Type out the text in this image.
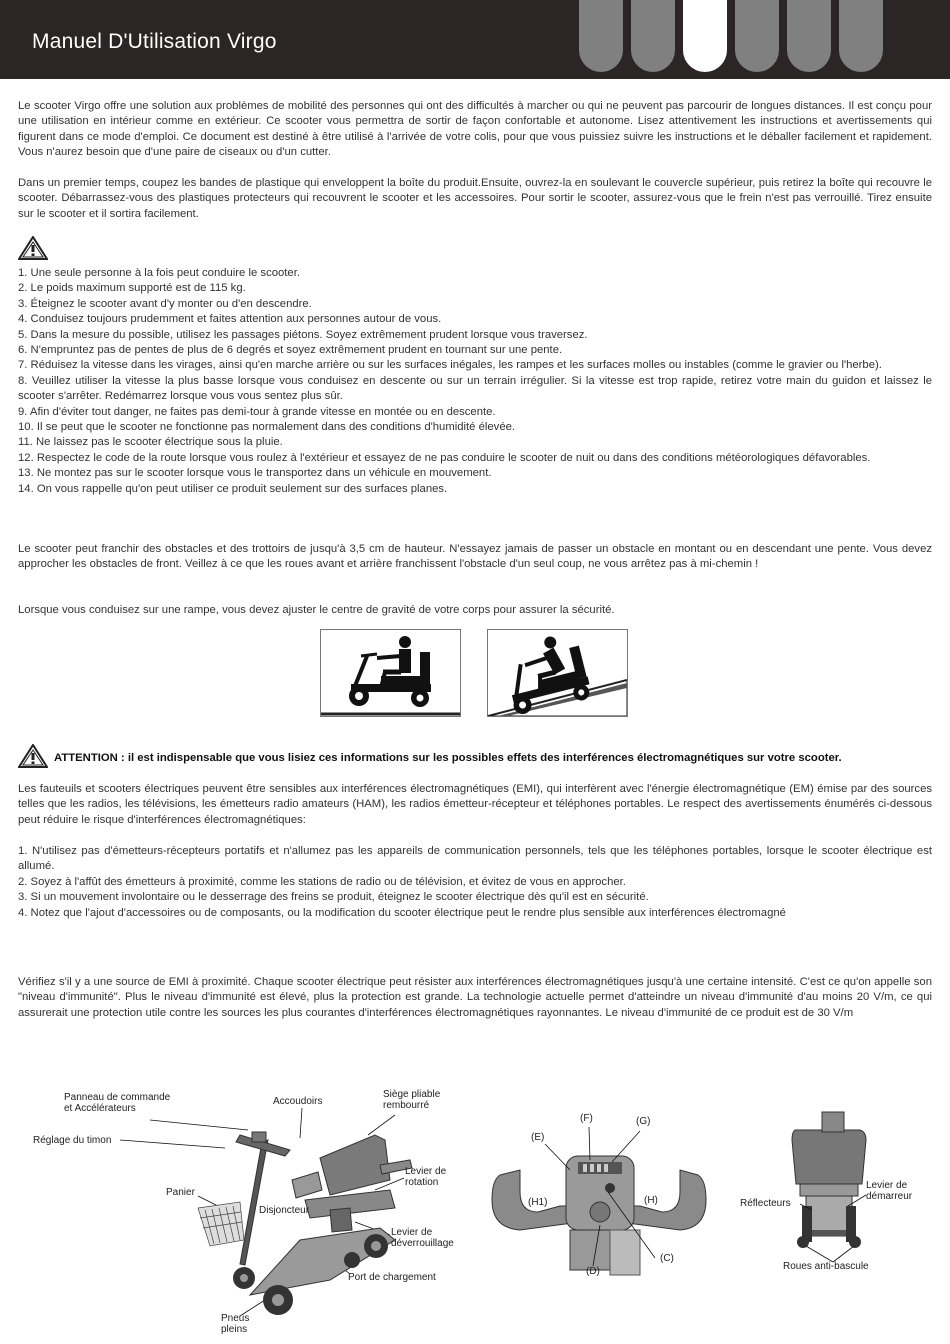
Manuel D'Utilisation Virgo
Le scooter Virgo offre une solution aux problèmes de mobilité des personnes qui ont des difficultés à marcher ou qui ne peuvent pas parcourir de longues distances. Il est conçu pour une utilisation en intérieur comme en extérieur. Ce scooter vous permettra de sortir de façon confortable et autonome. Lisez attentivement les instructions et avertissements qui figurent dans ce mode d'emploi. Ce document est destiné à être utilisé à l'arrivée de votre colis, pour que vous puissiez suivre les instructions et le déballer facilement et rapidement. Vous n'aurez besoin que d'une paire de ciseaux ou d'un cutter.
Dans un premier temps, coupez les bandes de plastique qui enveloppent la boîte du produit.Ensuite, ouvrez-la en soulevant le couvercle supérieur, puis retirez la boîte qui recouvre le scooter. Débarrassez-vous des plastiques protecteurs qui recouvrent le scooter et les accessoires. Pour sortir le scooter, assurez-vous que le frein n'est pas verrouillé. Tirez ensuite sur le scooter et il sortira facilement.
1. Une seule personne à la fois peut conduire le scooter.
2. Le poids maximum supporté est de 115 kg.
3. Éteignez le scooter avant d'y monter ou d'en descendre.
4. Conduisez toujours prudemment et faites attention aux personnes autour de vous.
5. Dans la mesure du possible, utilisez les passages piétons. Soyez extrêmement prudent lorsque vous traversez.
6. N'empruntez pas de pentes de plus de 6 degrés et soyez extrêmement prudent en tournant sur une pente.
7. Réduisez la vitesse dans les virages, ainsi qu'en marche arrière ou sur les surfaces inégales, les rampes et les surfaces molles ou instables (comme le gravier ou l'herbe).
8. Veuillez utiliser la vitesse la plus basse lorsque vous conduisez en descente ou sur un terrain irrégulier. Si la vitesse est trop rapide, retirez votre main du guidon et laissez le scooter s'arrêter. Redémarrez lorsque vous vous sentez plus sûr.
9. Afin d'éviter tout danger, ne faites pas demi-tour à grande vitesse en montée ou en descente.
10. Il se peut que le scooter ne fonctionne pas normalement dans des conditions d'humidité élevée.
11. Ne laissez pas le scooter électrique sous la pluie.
12. Respectez le code de la route lorsque vous roulez à l'extérieur et essayez de ne pas conduire le scooter de nuit ou dans des conditions météorologiques défavorables.
13. Ne montez pas sur le scooter lorsque vous le transportez dans un véhicule en mouvement.
14. On vous rappelle qu'on peut utiliser ce produit seulement sur des surfaces planes.
Le scooter peut franchir des obstacles et des trottoirs de jusqu'à 3,5 cm de hauteur. N'essayez jamais de passer un obstacle en montant ou en descendant une pente. Vous devez approcher les obstacles de front. Veillez à ce que les roues avant et arrière franchissent l'obstacle d'un seul coup, ne vous arrêtez pas à mi-chemin !
Lorsque vous conduisez sur une rampe, vous devez ajuster le centre de gravité de votre corps pour assurer la sécurité.
ATTENTION : il est indispensable que vous lisiez ces informations sur les possibles effets des interférences électromagnétiques sur votre scooter.
Les fauteuils et scooters électriques peuvent être sensibles aux interférences électromagnétiques (EMI), qui interfèrent avec l'énergie électromagnétique (EM) émise par des sources telles que les radios, les télévisions, les émetteurs radio amateurs (HAM), les radios émetteur-récepteur et téléphones portables. Le respect des avertissements énumérés ci-dessous peut réduire le risque d'interférences électromagnétiques:
1. N'utilisez pas d'émetteurs-récepteurs portatifs et n'allumez pas les appareils de communication personnels, tels que les téléphones portables, lorsque le scooter électrique est allumé.
2. Soyez à l'affût des émetteurs à proximité, comme les stations de radio ou de télévision, et évitez de vous en approcher.
3. Si un mouvement involontaire ou le desserrage des freins se produit, éteignez le scooter électrique dès qu'il est en sécurité.
4. Notez que l'ajout d'accessoires ou de composants, ou la modification du scooter électrique peut le rendre plus sensible aux interférences électromagné
Vérifiez s'il y a une source de EMI à proximité. Chaque scooter électrique peut résister aux interférences électromagnétiques jusqu'à une certaine intensité. C'est ce qu'on appelle son "niveau d'immunité". Plus le niveau d'immunité est élevé, plus la protection est grande. La technologie actuelle permet d'atteindre un niveau d'immunité d'au moins 20 V/m, ce qui assurerait une protection utile contre les sources les plus courantes d'interférences électromagnétiques rayonnantes. Le niveau d'immunité de ce produit est de 30 V/m
Panneau de commande
et Accélérateurs
Accoudoirs
Siège pliable
rembourré
Réglage du timon
Levier de
rotation
Panier
Disjoncteur
Levier de
déverrouillage
Port de chargement
Pneus
pleins
(E)
(F)	(G)
(H1)	(H)
(C)
(D)
Réflecteurs
Levier de
démarreur
Roues anti-bascule
